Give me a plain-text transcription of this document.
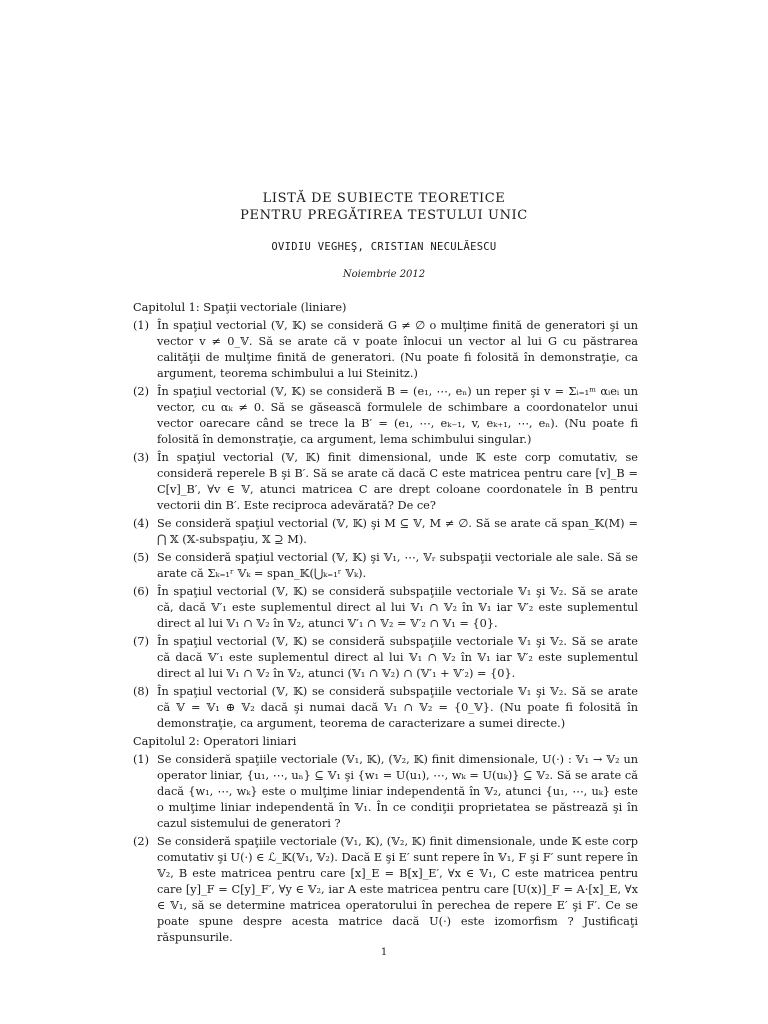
LISTĂ DE SUBIECTE TEORETICE
PENTRU PREGĂTIREA TESTULUI UNIC
OVIDIU VEGHEŞ, CRISTIAN NECULĂESCU
Noiembrie 2012
Capitolul 1: Spaţii vectoriale (liniare)
(1) În spaţiul vectorial (𝕍, 𝕂) se consideră G ≠ ∅ o mulţime finită de generatori şi un vector v ≠ 0_𝕍. Să se arate că v poate înlocui un vector al lui G cu păstrarea calităţii de mulţime finită de generatori. (Nu poate fi folosită în demonstraţie, ca argument, teorema schimbului a lui Steinitz.)
(2) În spaţiul vectorial (𝕍, 𝕂) se consideră B = (e₁, ⋯, eₙ) un reper şi v = Σᵢ₌₁ᵐ αᵢeᵢ un vector, cu αₖ ≠ 0. Să se găsească formulele de schimbare a coordonatelor unui vector oarecare când se trece la B′ = (e₁, ⋯, eₖ₋₁, v, eₖ₊₁, ⋯, eₙ). (Nu poate fi folosită în demonstraţie, ca argument, lema schimbului singular.)
(3) În spaţiul vectorial (𝕍, 𝕂) finit dimensional, unde 𝕂 este corp comutativ, se consideră reperele B şi B′. Să se arate că dacă C este matricea pentru care [v]_B = C[v]_B′, ∀v ∈ 𝕍, atunci matricea C are drept coloane coordonatele în B pentru vectorii din B′. Este reciproca adevărată? De ce?
(4) Se consideră spaţiul vectorial (𝕍, 𝕂) şi M ⊆ 𝕍, M ≠ ∅. Să se arate că span_𝕂(M) = ⋂ 𝕏 (𝕏-subspaţiu, 𝕏 ⊇ M).
(5) Se consideră spaţiul vectorial (𝕍, 𝕂) şi 𝕍₁, ⋯, 𝕍ᵣ subspaţii vectoriale ale sale. Să se arate că Σₖ₌₁ʳ 𝕍ₖ = span_𝕂(⋃ₖ₌₁ʳ 𝕍ₖ).
(6) În spaţiul vectorial (𝕍, 𝕂) se consideră subspaţiile vectoriale 𝕍₁ şi 𝕍₂. Să se arate că, dacă 𝕍′₁ este suplementul direct al lui 𝕍₁ ∩ 𝕍₂ în 𝕍₁ iar 𝕍′₂ este suplementul direct al lui 𝕍₁ ∩ 𝕍₂ în 𝕍₂, atunci 𝕍′₁ ∩ 𝕍₂ = 𝕍′₂ ∩ 𝕍₁ = {0}.
(7) În spaţiul vectorial (𝕍, 𝕂) se consideră subspaţiile vectoriale 𝕍₁ şi 𝕍₂. Să se arate că dacă 𝕍′₁ este suplementul direct al lui 𝕍₁ ∩ 𝕍₂ în 𝕍₁ iar 𝕍′₂ este suplementul direct al lui 𝕍₁ ∩ 𝕍₂ în 𝕍₂, atunci (𝕍₁ ∩ 𝕍₂) ∩ (𝕍′₁ + 𝕍′₂) = {0}.
(8) În spaţiul vectorial (𝕍, 𝕂) se consideră subspaţiile vectoriale 𝕍₁ şi 𝕍₂. Să se arate că 𝕍 = 𝕍₁ ⊕ 𝕍₂ dacă şi numai dacă 𝕍₁ ∩ 𝕍₂ = {0_𝕍}. (Nu poate fi folosită în demonstraţie, ca argument, teorema de caracterizare a sumei directe.)
Capitolul 2: Operatori liniari
(1) Se consideră spaţiile vectoriale (𝕍₁, 𝕂), (𝕍₂, 𝕂) finit dimensionale, U(·) : 𝕍₁ → 𝕍₂ un operator liniar, {u₁, ⋯, uₙ} ⊆ 𝕍₁ şi {w₁ = U(u₁), ⋯, wₖ = U(uₖ)} ⊆ 𝕍₂. Să se arate că dacă {w₁, ⋯, wₖ} este o mulţime liniar independentă în 𝕍₂, atunci {u₁, ⋯, uₖ} este o mulţime liniar independentă în 𝕍₁. În ce condiţii proprietatea se păstrează şi în cazul sistemului de generatori ?
(2) Se consideră spaţiile vectoriale (𝕍₁, 𝕂), (𝕍₂, 𝕂) finit dimensionale, unde 𝕂 este corp comutativ şi U(·) ∈ ℒ_𝕂(𝕍₁, 𝕍₂). Dacă E şi E′ sunt repere în 𝕍₁, F şi F′ sunt repere în 𝕍₂, B este matricea pentru care [x]_E = B[x]_E′, ∀x ∈ 𝕍₁, C este matricea pentru care [y]_F = C[y]_F′, ∀y ∈ 𝕍₂, iar A este matricea pentru care [U(x)]_F = A·[x]_E, ∀x ∈ 𝕍₁, să se determine matricea operatorului în perechea de repere E′ şi F′. Ce se poate spune despre acesta matrice dacă U(·) este izomorfism ? Justificaţi răspunsurile.
1
